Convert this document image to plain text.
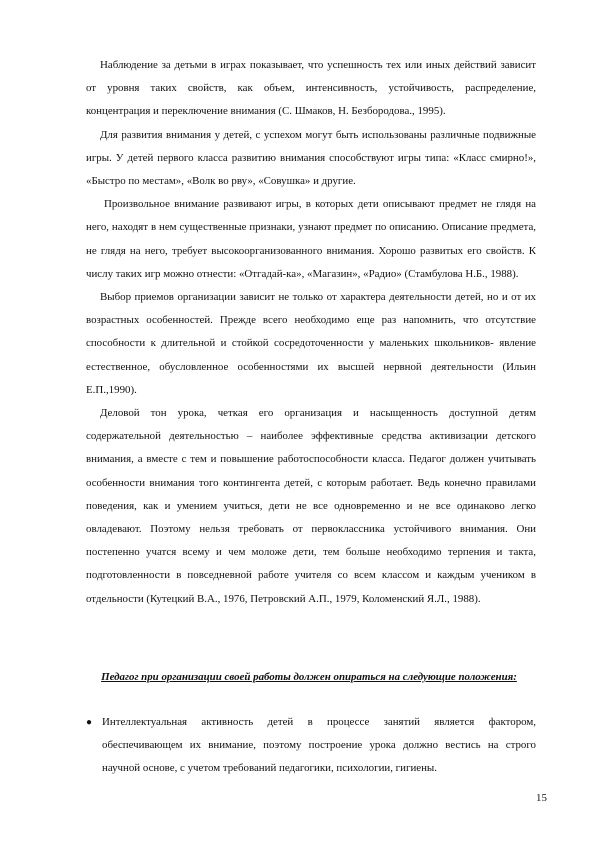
Наблюдение за детьми в играх показывает, что успешность тех или иных действий зависит от уровня таких свойств, как объем, интенсивность, устойчивость, распределение, концентрация и переключение внимания (С. Шмаков, Н. Безбородова., 1995).

Для развития внимания у детей, с успехом могут быть использованы различные подвижные игры. У детей первого класса развитию внимания способствуют игры типа: «Класс смирно!», «Быстро по местам», «Волк во рву», «Совушка» и другие.

Произвольное внимание развивают игры, в которых дети описывают предмет не глядя на него, находят в нем существенные признаки, узнают предмет по описанию. Описание предмета, не глядя на него, требует высокоорганизованного внимания. Хорошо развитых его свойств. К числу таких игр можно отнести: «Отгадай-ка», «Магазин», «Радио» (Стамбулова Н.Б., 1988).

Выбор приемов организации зависит не только от характера деятельности детей, но и от их возрастных особенностей. Прежде всего необходимо еще раз напомнить, что отсутствие способности к длительной и стойкой сосредоточенности у маленьких школьников- явление естественное, обусловленное особенностями их высшей нервной деятельности (Ильин Е.П.,1990).

Деловой тон урока, четкая его организация и насыщенность доступной детям содержательной деятельностью – наиболее эффективные средства активизации детского внимания, а вместе с тем и повышение работоспособности класса. Педагог должен учитывать особенности внимания того контингента детей, с которым работает. Ведь конечно правилами поведения, как и умением учиться, дети не все одновременно и не все одинаково легко овладевают. Поэтому нельзя требовать от первоклассника устойчивого внимания. Они постепенно учатся всему и чем моложе дети, тем больше необходимо терпения и такта, подготовленности в повседневной работе учителя со всем классом и каждым учеником в отдельности (Кутецкий В.А., 1976, Петровский А.П., 1979, Коломенский Я.Л., 1988).

Педагог при организации своей работы должен опираться на следующие положения:
● Интеллектуальная активность детей в процессе занятий является фактором, обеспечивающем их внимание, поэтому построение урока должно вестись на строго научной основе, с учетом требований педагогики, психологии, гигиены.
15
